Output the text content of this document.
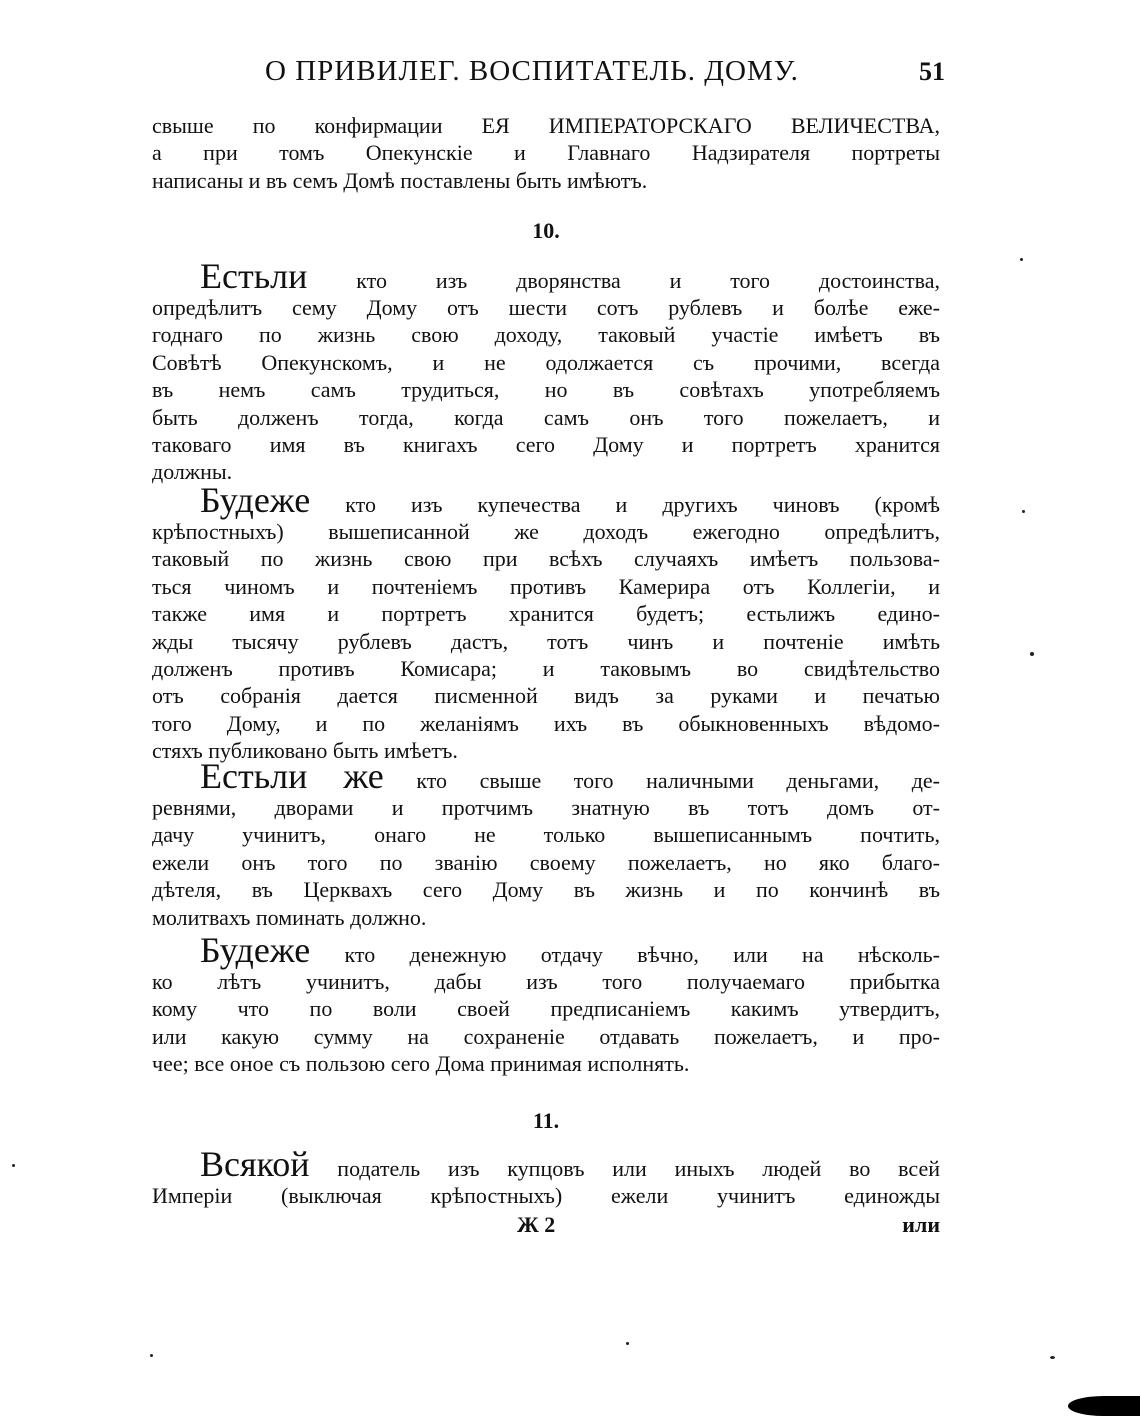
О ПРИВИЛЕГ. ВОСПИТАТЕЛЬ. ДОМУ.	51
свыше по конфирмации ЕЯ ИМПЕРАТОРСКАГО ВЕЛИЧЕСТВА,
а при томъ Опекунскіе и Главнаго Надзирателя портреты
написаны и въ семъ Домѣ поставлены быть имѣютъ.
10.
Естьли кто изъ дворянства и того достоинства,
опредѣлитъ сему Дому отъ шести сотъ рублевъ и болѣе еже-
годнаго по жизнь свою доходу, таковый участіе имѣетъ въ
Совѣтѣ Опекунскомъ, и не одолжается съ прочими, всегда
въ немъ самъ трудиться, но въ совѣтахъ употребляемъ
быть долженъ тогда, когда самъ онъ того пожелаетъ, и
таковаго имя въ книгахъ сего Дому и портретъ хранится
должны.
Будеже кто изъ купечества и другихъ чиновъ (кромѣ
крѣпостныхъ) вышеписанной же доходъ ежегодно опредѣлитъ,
таковый по жизнь свою при всѣхъ случаяхъ имѣетъ пользова-
ться чиномъ и почтеніемъ противъ Камерира отъ Коллегіи, и
также имя и портретъ хранится будетъ; естьлижъ едино-
жды тысячу рублевъ дастъ, тотъ чинъ и почтеніе имѣть
долженъ противъ Комисара; и таковымъ во свидѣтельство
отъ собранія дается писменной видъ за руками и печатью
того Дому, и по желаніямъ ихъ въ обыкновенныхъ вѣдомо-
стяхъ публиковано быть имѣетъ.
Естьли же кто свыше того наличными деньгами, де-
ревнями, дворами и протчимъ знатную въ тотъ домъ от-
дачу учинитъ, онаго не только вышеписаннымъ почтить,
ежели онъ того по званію своему пожелаетъ, но яко благо-
дѣтеля, въ Церквахъ сего Дому въ жизнь и по кончинѣ въ
молитвахъ поминать должно.
Будеже кто денежную отдачу вѣчно, или на нѣсколь-
ко лѣтъ учинитъ, дабы изъ того получаемаго прибытка
кому что по воли своей предписаніемъ какимъ утвердитъ,
или какую сумму на сохраненіе отдавать пожелаетъ, и про-
чее; все оное съ пользою сего Дома принимая исполнять.
11.
Всякой податель изъ купцовъ или иныхъ людей во всей
Имперіи (выключая крѣпостныхъ) ежели учинитъ единожды
Ж 2	или
